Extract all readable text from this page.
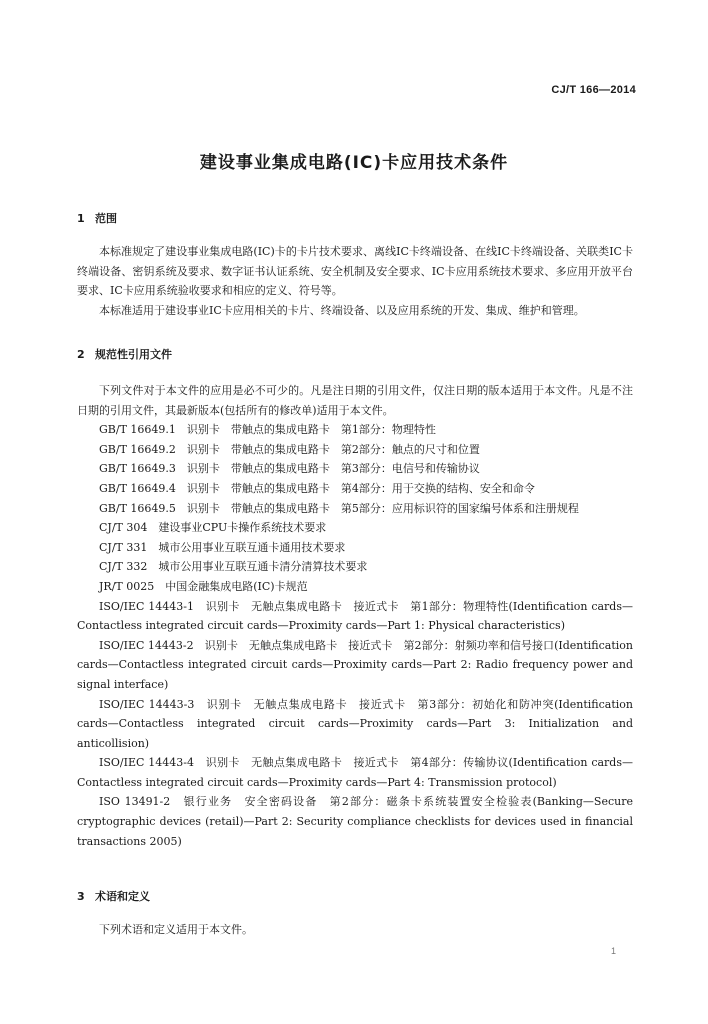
CJ/T 166—2014
建设事业集成电路(IC)卡应用技术条件
1 范围

本标准规定了建设事业集成电路(IC)卡的卡片技术要求、离线IC卡终端设备、在线IC卡终端设备、关联类IC卡终端设备、密钥系统及要求、数字证书认证系统、安全机制及安全要求、IC卡应用系统技术要求、多应用开放平台要求、IC卡应用系统验收要求和相应的定义、符号等。

本标准适用于建设事业IC卡应用相关的卡片、终端设备、以及应用系统的开发、集成、维护和管理。

2 规范性引用文件

下列文件对于本文件的应用是必不可少的。凡是注日期的引用文件，仅注日期的版本适用于本文件。凡是不注日期的引用文件，其最新版本(包括所有的修改单)适用于本文件。

GB/T 16649.1　识别卡　带触点的集成电路卡　第1部分：物理特性

GB/T 16649.2　识别卡　带触点的集成电路卡　第2部分：触点的尺寸和位置

GB/T 16649.3　识别卡　带触点的集成电路卡　第3部分：电信号和传输协议

GB/T 16649.4　识别卡　带触点的集成电路卡　第4部分：用于交换的结构、安全和命令

GB/T 16649.5　识别卡　带触点的集成电路卡　第5部分：应用标识符的国家编号体系和注册规程

CJ/T 304　建设事业CPU卡操作系统技术要求

CJ/T 331　城市公用事业互联互通卡通用技术要求

CJ/T 332　城市公用事业互联互通卡清分清算技术要求

JR/T 0025　中国金融集成电路(IC)卡规范

ISO/IEC 14443-1　识别卡　无触点集成电路卡　接近式卡　第1部分：物理特性(Identification cards—Contactless integrated circuit cards—Proximity cards—Part 1: Physical characteristics)

ISO/IEC 14443-2　识别卡　无触点集成电路卡　接近式卡　第2部分：射频功率和信号接口(Identification cards—Contactless integrated circuit cards—Proximity cards—Part 2: Radio frequency power and signal interface)

ISO/IEC 14443-3　识别卡　无触点集成电路卡　接近式卡　第3部分：初始化和防冲突(Identification cards—Contactless integrated circuit cards—Proximity cards—Part 3: Initialization and anticollision)

ISO/IEC 14443-4　识别卡　无触点集成电路卡　接近式卡　第4部分：传输协议(Identification cards—Contactless integrated circuit cards—Proximity cards—Part 4: Transmission protocol)

ISO 13491-2　银行业务　安全密码设备　第2部分：磁条卡系统装置安全检验表(Banking—Secure cryptographic devices (retail)—Part 2: Security compliance checklists for devices used in financial transactions 2005)

3 术语和定义

下列术语和定义适用于本文件。

1
